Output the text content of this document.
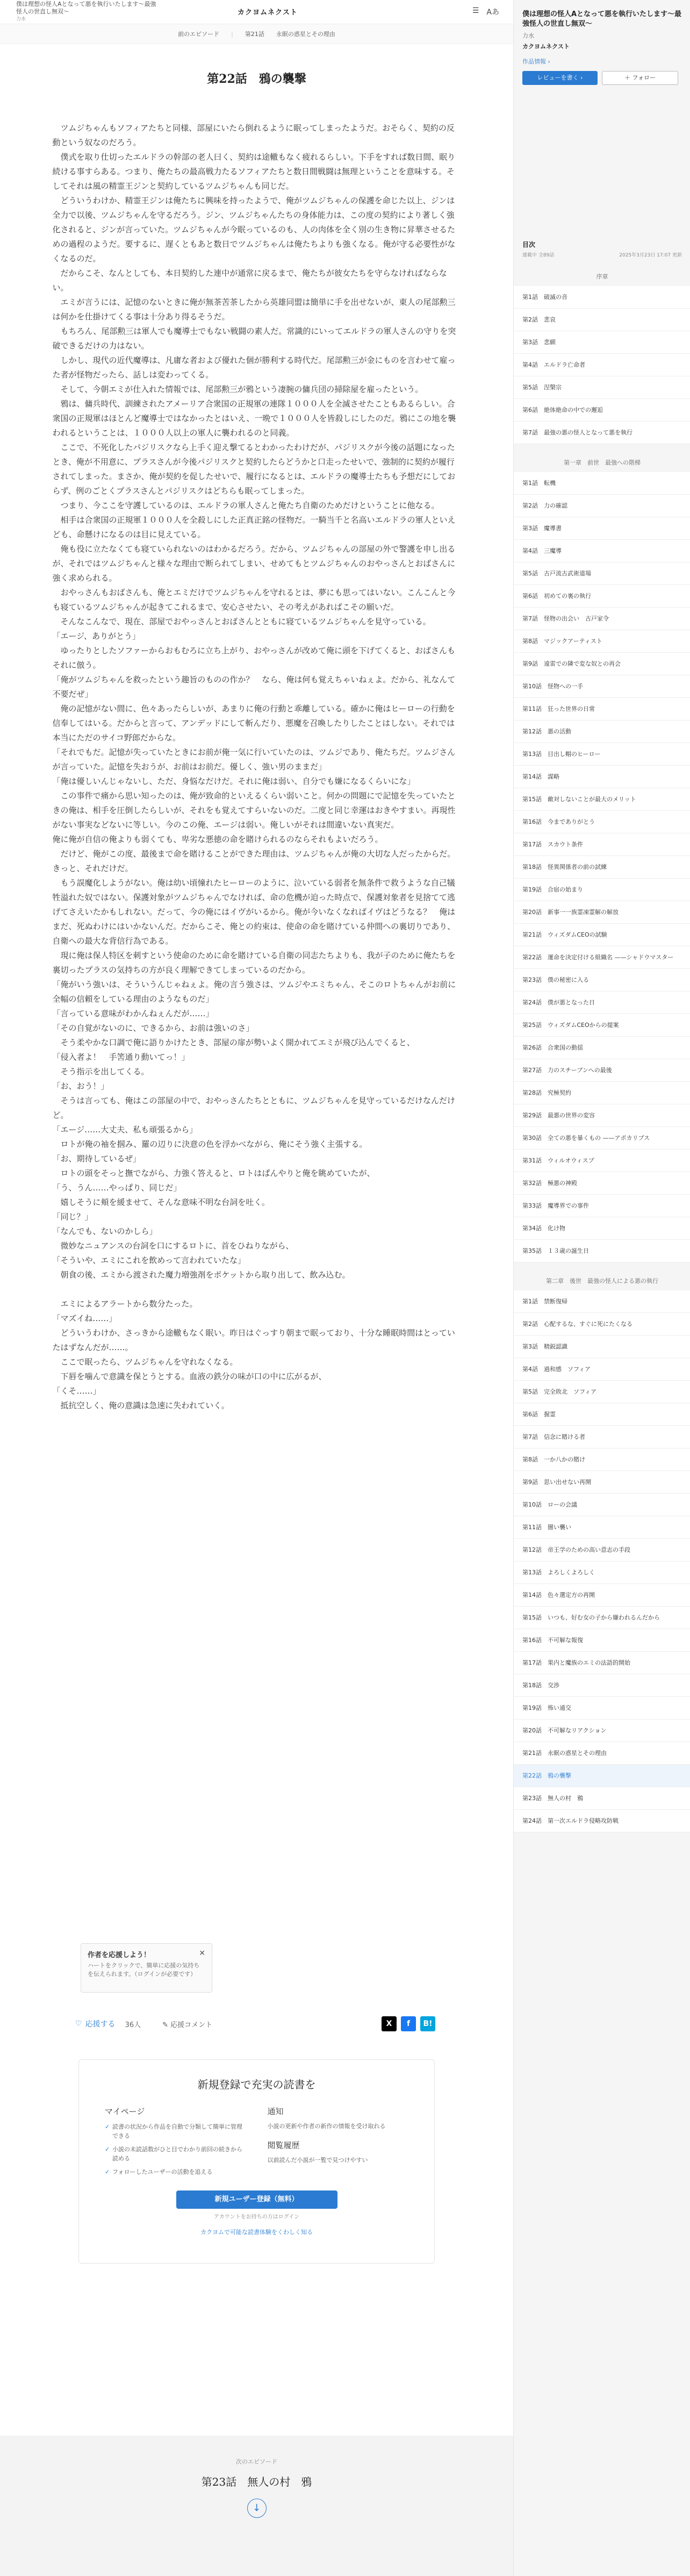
僕は理想の怪人Aとなって悪を執行いたします〜最強怪人の世直し無双〜
力水
カクヨムネクスト	☰ Aあ
前のエピソード | 第21話 永眠の惑星とその理由
第22話　鴉の襲撃

　ツムジちゃんもソフィアたちと同様、部屋にいたら倒れるように眠ってしまったようだ。おそらく、契約の反動という奴なのだろう。

　僕式を取り仕切ったエルドラの幹部の老人曰く、契約は途轍もなく疲れるらしい。下手をすれば数日間、眠り続ける事すらある。つまり、俺たちの最高戦力たるソフィアたちと数日間戦闘は無理ということを意味する。そしてそれは風の精霊王ジンと契約しているツムジちゃんも同じだ。

　どういうわけか、精霊王ジンは俺たちに興味を持ったようで、俺がツムジちゃんの保護を命じた以上、ジンは全力で以後、ツムジちゃんを守るだろう。ジン、ツムジちゃんたちの身体能力は、この度の契約により著しく強化されると、ジンが言っていた。ツムジちゃんが今眠っているのも、人の肉体を全く別の生き物に昇華させるための過程のようだ。要するに、遅くともあと数日でツムジちゃんは俺たちよりも強くなる。俺が守る必要性がなくなるのだ。

　だからこそ、なんとしても、本日契約した連中が通常に戻るまで、俺たちが彼女たちを守らなければならない。

　エミが言うには、記憶のないときに俺が無茶苦茶したから英雄同盟は簡単に手を出せないが、東人の尾部勲三は何かを仕掛けてくる事は十分あり得るそうだ。

　もちろん、尾部勲三は軍人でも魔導士でもない戦闘の素人だ。常識的にいってエルドラの軍人さんの守りを突破できるだけの力はない。

　しかし、現代の近代魔導は、凡庸な者および優れた個が勝利する時代だ。尾部勲三が金にものを言わせて雇った者が怪物だったら、話しは変わってくる。

　そして、今朝エミが仕入れた情報では、尾部勲三が鴉という凄腕の傭兵団の掃除屋を雇ったという。

　鴉は、傭兵時代、訓練されたアメーリア合衆国の正規軍の連隊１０００人を全滅させたこともあるらしい。合衆国の正規軍はほとんど魔導士ではなかったとはいえ、一晩で１０００人を皆殺しにしたのだ。鴉にこの地を襲われるということは、１０００人以上の軍人に襲われるのと同義。

　ここで、不死化したパジリスクなら上手く迎え撃てるとわかったわけだが、パジリスクが今後の話題になったとき、俺が不用意に、プラスさんが今後パジリスクと契約したらどうかと口走ったせいで、強制的に契約が履行されてしまった。まさか、俺が契約を促したせいで、履行になるとは、エルドラの魔導士たちも予想だにしておらず、例のごとくプラスさんとパジリスクはどちらも眠ってしまった。

　つまり、今ここを守護しているのは、エルドラの軍人さんと俺たち自衛のためだけということに他なる。

　相手は合衆国の正規軍１０００人を全殺しにした正真正銘の怪物だ。一騎当千と名高いエルドラの軍人といえども、命懸けになるのは目に見えている。

　俺も役に立たなくても寝ていられないのはわかるだろう。だから、ツムジちゃんの部屋の外で警護を申し出るが、それではツムジちゃんと様々な理由で断られてしまい、せめてもとツムジちゃんのおやっさんとおばさんに強く求められる。

　おやっさんもおばさんも、俺とエミだけでツムジちゃんを守れるとは、夢にも思ってはいない。こんこんと今も寝ているツムジちゃんが起きてこれるまで、安心させたい、その考えがあればこその願いだ。

　そんなこんなで、現在、部屋でおやっさんとおばさんとともに寝ているツムジちゃんを見守っている。

「エージ、ありがとう」

　ゆったりとしたソファーからおもむろに立ち上がり、おやっさんが改めて俺に頭を下げてくると、おばさんもそれに倣う。

「俺がツムジちゃんを救ったという趣旨のものの作か？　なら、俺は何も覚えちゃいねぇよ。だから、礼なんて不要だぜ」

　俺の記憶がない間に、色々あったらしいが、あまりに俺の行動と乖離している。確かに俺はヒーローの行動を信奉してはいる。だからと言って、アンデッドにして斬んだり、悪魔を召喚したりしたことはしない。それでは本当にただのサイコ野郎だからな。

「それでもだ。記憶が失っていたときにお前が俺一気に行いていたのは、ツムジであり、俺たちだ。ツムジさんが言っていた。記憶を失おうが、お前はお前だ。優しく、強い男のままだ」

「俺は優しいんじゃないし、ただ、身悩なだけだ。それに俺は弱い、自分でも嫌になるくらいにな」

　この事件で痛から思い知ったのは、俺が致命的といえるくらい弱いこと。何かの問題にで記憶を失っていたときの俺は、相手を圧倒したらしいが、それをも覚えてすらいないのだ。二度と同じ幸運はおきやすまい。再現性がない事実などないに等しい。今のこの俺、エージは弱い。俺しいがそれは間違いない真実だ。

俺に俺が自信の俺よりも弱くても、卑劣な悪徳の命を賭けられるのならそれもよいだろう。

　だけど、俺がこの度、最後まで命を賭けることができた理由は、ツムジちゃんが俺の大切な人だったからだ。きっと、それだけだ。

　もう誤魔化しようがない。俺は幼い頃憧れたヒーローのように、泣いている弱者を無条件で救うような自己犠牲溢れた奴ではない。保護対象がツムジちゃんでなければ、命の危機が迫った時点で、保護対象者を見捨てて逃げてさえいたかもしれない。だって、今の俺にはイヴがいるから。俺が今いなくなればイヴはどうなる？　俺はまだ、死ぬわけにはいかないんだ。だからこそ、俺との約束は、使命の命を賭けている仲間への裏切りであり、自衛への最大な背信行為である。

　現に俺は保人特区を刺すという使命のために命を賭けている自衛の同志たちよりも、我が子のために俺たちを裏切ったプラスの気持ちの方が良く理解できてしまっているのだから。

「俺がいう強いは、そういうんじゃねぇよ。俺の言う強さは、ツムジやエミちゃん、そこのロトちゃんがお前に全幅の信頼をしている理由のようなものだ」

「言っている意味がわかんねぇんだが……」

「その自覚がないのに、できるから、お前は強いのさ」

　そう柔やかな口調で俺に語りかけたとき、部屋の扉が勢いよく開かれてエミが飛び込んでくると、

「侵入者よ！　手筈通り動いてっ！」

　そう指示を出してくる。

「お、おう！」

　そうは言っても、俺はこの部屋の中で、おやっさんたちとともに、ツムジちゃんを見守っているだけなんだけど。

「エージ……大丈夫、私も頑張るから」

　ロトが俺の袖を掴み、羅の辺りに決意の色を浮かべながら、俺にそう強く主張する。

「お、期待しているぜ」

　ロトの頭をそっと撫でながら、力強く答えると、ロトはぱんやりと俺を眺めていたが、

「う、うん……やっぱり、同じだ」

　嬉しそうに頬を緩ませて、そんな意味不明な台詞を吐く。

「同じ？」

「なんでも、ないのかしら」

　微妙なニュアンスの台詞を口にするロトに、首をひねりながら、

「そういや、エミにこれを飲めって言われていたな」

　朝食の後、エミから渡された魔力増強剤をポケットから取り出して、飲み込む。

　エミによるアラートから数分たった。

「マズイね……」

　どういうわけか、さっきから途轍もなく眠い。昨日はぐっすり朝まで眠っており、十分な睡眠時間はとっていたはずなんだが……。

　ここで眠ったら、ツムジちゃんを守れなくなる。

　下唇を噛んで意識を保とうとする。血液の鉄分の味が口の中に広がるが、

「くそ……」

　抵抗空しく、俺の意識は急速に失われていく。

作者を応援しよう！
ハートをクリックで、簡単に応援の気持ちを伝えられます。（ログインが必要です）
✕
♡ 応援する 36人	✎ 応援コメント	X	f	B!
新規登録で充実の読書を
マイページ
✓ 読書の状況から作品を自動で分類して簡単に管理できる
✓ 小説の未読話数がひと目でわかり前回の続きから読める
✓ フォローしたユーザーの活動を追える
通知

小説の更新や作者の新作の情報を受け取れる

閲覧履歴

以前読んだ小説が一覧で見つけやすい

新規ユーザー登録（無料）
アカウントをお持ちの方はログイン
カクヨムで可能な読書体験をくわしく知る
次のエピソード
第23話　無人の村　鴉
↓
僕は理想の怪人Aとなって悪を執行いたします〜最強怪人の世直し無双〜
力水
カクヨムネクスト
作品情報 ›
レビューを書く ›	＋ フォロー
目次
連載中 全89話	2025年3月23日 17:07 更新
序章
第1話　破滅の音
第2話　悲哀
第3話　悲願
第4話　エルドラ亡命者
第5話　涅槃宗
第6話　絶体絶命の中での邂逅
第7話　最強の悪の怪人となって悪を執行
第一章　前世　最強への階梯
第1話　転機
第2話　力の確認
第3話　魔導書
第4話　三魔導
第5話　古戸流古武術道場
第6話　初めての裏の執行
第7話　怪物の出会い　古戸家令
第8話　マジックアーティスト
第9話　遠雷での隣で変な奴との再会
第10話　怪物への一手
第11話　狂った世界の日常
第12話　悪の活動
第13話　目出し帽のヒーロー
第14話　謀略
第15話　敵対しないことが最大のメリット
第16話　今までありがとう
第17話　スカウト条件
第18話　怪異関係者の前の試練
第19話　合宿の始まり
第20話　新事一一族霊凍霊解の解放
第21話　ウィズダムCEOの試験
第22話　運命を決定付ける組織名 ——シャドウマスター
第23話　僕の秘密に入る
第24話　僕が悪となった日
第25話　ウィズダムCEOからの提案
第26話　合衆国の動揺
第27話　力のスチーブンへの最後
第28話　究極契約
第29話　最悪の世界の変容
第30話　全ての悪を暴くもの ——アポカリプス
第31話　ウィルオウィスプ
第32話　極悪の神殿
第33話　魔導界での事件
第34話　化け物
第35話　１３歳の誕生日
第二章　後世　最強の怪人による悪の執行
第1話　禁断復帰
第2話　心配するな、すぐに死にたくなる
第3話　精鋭認識
第4話　過和感　ソフィア
第5話　完全敗北　ソフィア
第6話　握霊
第7話　信念に賭ける者
第8話　一か八かの賭け
第9話　思い出せない再開
第10話　ローの会議
第11話　闇い襲い
第12話　帝王学のための高い意志の手段
第13話　よろしくよろしく
第14話　色々選定方の再開
第15話　いつも、好む女の子から嫌われるんだから
第16話　不可解な報復
第17話　果内と魔族のエミの法語的開始
第18話　交渉
第19話　怖い通交
第20話　不可解なリアクション
第21話　永眠の惑星とその理由
第22話　鴉の襲撃
第23話　無人の村　鴉
第24話　第一次エルドラ侵略攻防戦
